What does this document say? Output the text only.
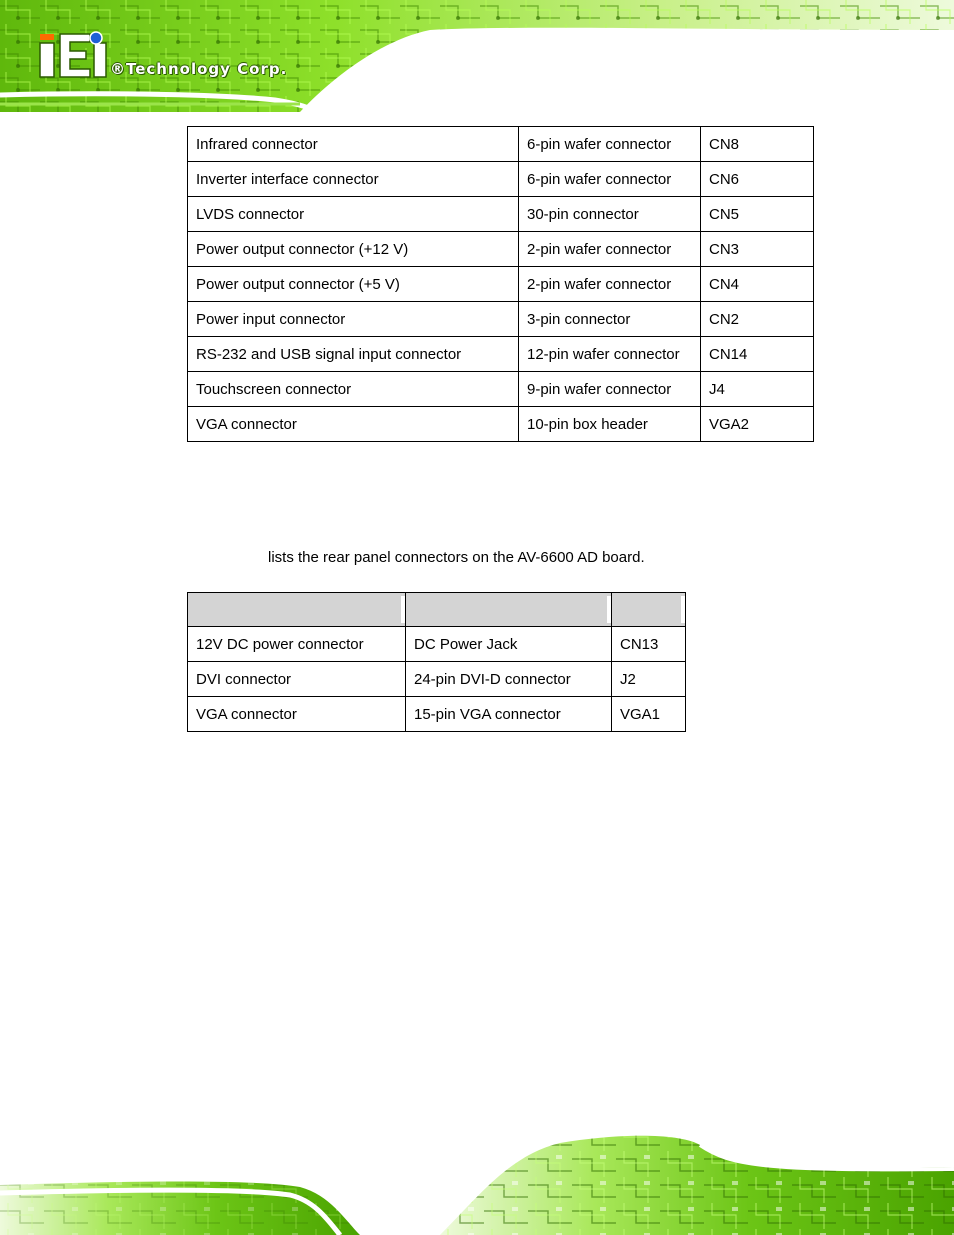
®Technology Corp.
Infrared connector	6-pin wafer connector	CN8
Inverter interface connector	6-pin wafer connector	CN6
LVDS connector	30-pin connector	CN5
Power output connector (+12 V)	2-pin wafer connector	CN3
Power output connector (+5 V)	2-pin wafer connector	CN4
Power input connector	3-pin connector	CN2
RS-232 and USB signal input connector	12-pin wafer connector	CN14
Touchscreen connector	9-pin wafer connector	J4
VGA connector	10-pin box header	VGA2
lists the rear panel connectors on the AV-6600 AD board.

12V DC power connector	DC Power Jack	CN13
DVI connector	24-pin DVI-D connector	J2
VGA connector	15-pin VGA connector	VGA1
